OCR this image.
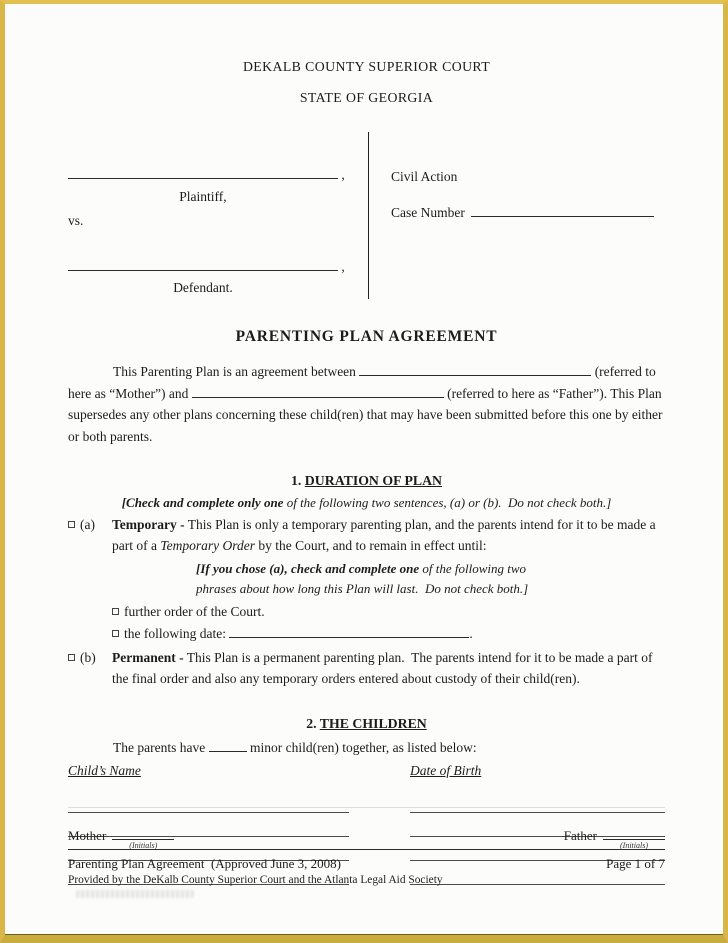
DEKALB COUNTY SUPERIOR COURT
STATE OF GEORGIA
,
Plaintiff,
vs.
,
Defendant.
Civil Action
Case Number
PARENTING PLAN AGREEMENT

This Parenting Plan is an agreement between	(referred to here as “Mother”) and	(referred to here as “Father”). This Plan supersedes any other plans concerning these child(ren) that may have been submitted before this one by either or both parents.

1. DURATION OF PLAN
[Check and complete only one of the following two sentences, (a) or (b).  Do not check both.]
(a)	Temporary - This Plan is only a temporary parenting plan, and the parents intend for it to be made a part of a Temporary Order by the Court, and to remain in effect until:
[If you chose (a), check and complete one of the following two phrases about how long this Plan will last.  Do not check both.]
further order of the Court.
the following date:	.
(b)	Permanent - This Plan is a permanent parenting plan.  The parents intend for it to be made a part of the final order and also any temporary orders entered about custody of their child(ren).
2. THE CHILDREN
The parents have	minor child(ren) together, as listed below:
Child’s Name	Date of Birth
Mother
(Initials)
Father
(Initials)
Parenting Plan Agreement  (Approved June 3, 2008)	Page 1 of 7
Provided by the DeKalb County Superior Court and the Atlanta Legal Aid Society
